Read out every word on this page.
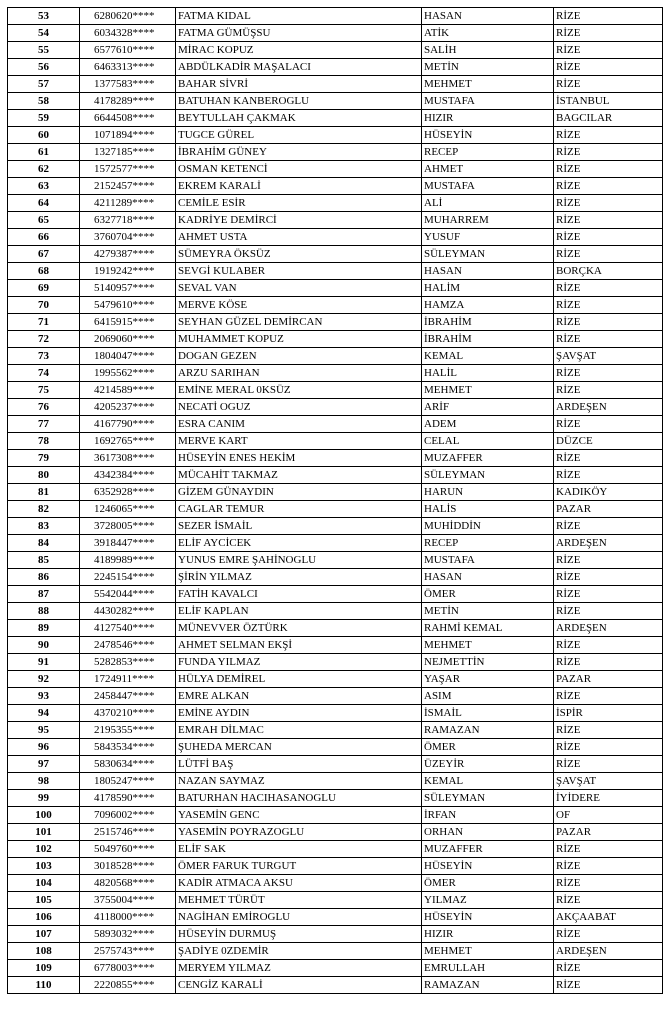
53	6280620****	FATMA KIDAL	HASAN	RİZE
54	6034328****	FATMA GÜMÜŞSU	ATİK	RİZE
55	6577610****	MİRAC KOPUZ	SALİH	RİZE
56	6463313****	ABDÜLKADİR MAŞALACI	METİN	RİZE
57	1377583****	BAHAR SİVRİ	MEHMET	RİZE
58	4178289****	BATUHAN KANBEROGLU	MUSTAFA	İSTANBUL
59	6644508****	BEYTULLAH ÇAKMAK	HIZIR	BAGCILAR
60	1071894****	TUGCE GÜREL	HÜSEYİN	RİZE
61	1327185****	İBRAHİM GÜNEY	RECEP	RİZE
62	1572577****	OSMAN KETENCİ	AHMET	RİZE
63	2152457****	EKREM KARALİ	MUSTAFA	RİZE
64	4211289****	CEMİLE ESİR	ALİ	RİZE
65	6327718****	KADRİYE DEMİRCİ	MUHARREM	RİZE
66	3760704****	AHMET USTA	YUSUF	RİZE
67	4279387****	SÜMEYRA ÖKSÜZ	SÜLEYMAN	RİZE
68	1919242****	SEVGİ KULABER	HASAN	BORÇKA
69	5140957****	SEVAL VAN	HALİM	RİZE
70	5479610****	MERVE KÖSE	HAMZA	RİZE
71	6415915****	SEYHAN GÜZEL DEMİRCAN	İBRAHİM	RİZE
72	2069060****	MUHAMMET KOPUZ	İBRAHİM	RİZE
73	1804047****	DOGAN GEZEN	KEMAL	ŞAVŞAT
74	1995562****	ARZU SARIHAN	HALİL	RİZE
75	4214589****	EMİNE MERAL 0KSÜZ	MEHMET	RİZE
76	4205237****	NECATİ OGUZ	ARİF	ARDEŞEN
77	4167790****	ESRA CANIM	ADEM	RİZE
78	1692765****	MERVE KART	CELAL	DÜZCE
79	3617308****	HÜSEYİN ENES HEKİM	MUZAFFER	RİZE
80	4342384****	MÜCAHİT TAKMAZ	SÜLEYMAN	RİZE
81	6352928****	GİZEM GÜNAYDIN	HARUN	KADIKÖY
82	1246065****	CAGLAR TEMUR	HALİS	PAZAR
83	3728005****	SEZER İSMAİL	MUHİDDİN	RİZE
84	3918447****	ELİF AYCİCEK	RECEP	ARDEŞEN
85	4189989****	YUNUS EMRE ŞAHİNOGLU	MUSTAFA	RİZE
86	2245154****	ŞİRİN YILMAZ	HASAN	RİZE
87	5542044****	FATİH KAVALCI	ÖMER	RİZE
88	4430282****	ELİF KAPLAN	METİN	RİZE
89	4127540****	MÜNEVVER ÖZTÜRK	RAHMİ KEMAL	ARDEŞEN
90	2478546****	AHMET SELMAN EKŞİ	MEHMET	RİZE
91	5282853****	FUNDA YILMAZ	NEJMETTİN	RİZE
92	1724911****	HÜLYA DEMİREL	YAŞAR	PAZAR
93	2458447****	EMRE ALKAN	ASIM	RİZE
94	4370210****	EMİNE AYDIN	İSMAİL	İSPİR
95	2195355****	EMRAH DİLMAC	RAMAZAN	RİZE
96	5843534****	ŞUHEDA MERCAN	ÖMER	RİZE
97	5830634****	LÜTFİ BAŞ	ÜZEYİR	RİZE
98	1805247****	NAZAN SAYMAZ	KEMAL	ŞAVŞAT
99	4178590****	BATURHAN HACIHASANOGLU	SÜLEYMAN	İYİDERE
100	7096002****	YASEMİN GENC	İRFAN	OF
101	2515746****	YASEMİN POYRAZOGLU	ORHAN	PAZAR
102	5049760****	ELİF SAK	MUZAFFER	RİZE
103	3018528****	ÖMER FARUK TURGUT	HÜSEYİN	RİZE
104	4820568****	KADİR ATMACA AKSU	ÖMER	RİZE
105	3755004****	MEHMET TÜRÜT	YILMAZ	RİZE
106	4118000****	NAGİHAN EMİROGLU	HÜSEYİN	AKÇAABAT
107	5893032****	HÜSEYİN DURMUŞ	HIZIR	RİZE
108	2575743****	ŞADİYE 0ZDEMİR	MEHMET	ARDEŞEN
109	6778003****	MERYEM YILMAZ	EMRULLAH	RİZE
110	2220855****	CENGİZ KARALİ	RAMAZAN	RİZE
